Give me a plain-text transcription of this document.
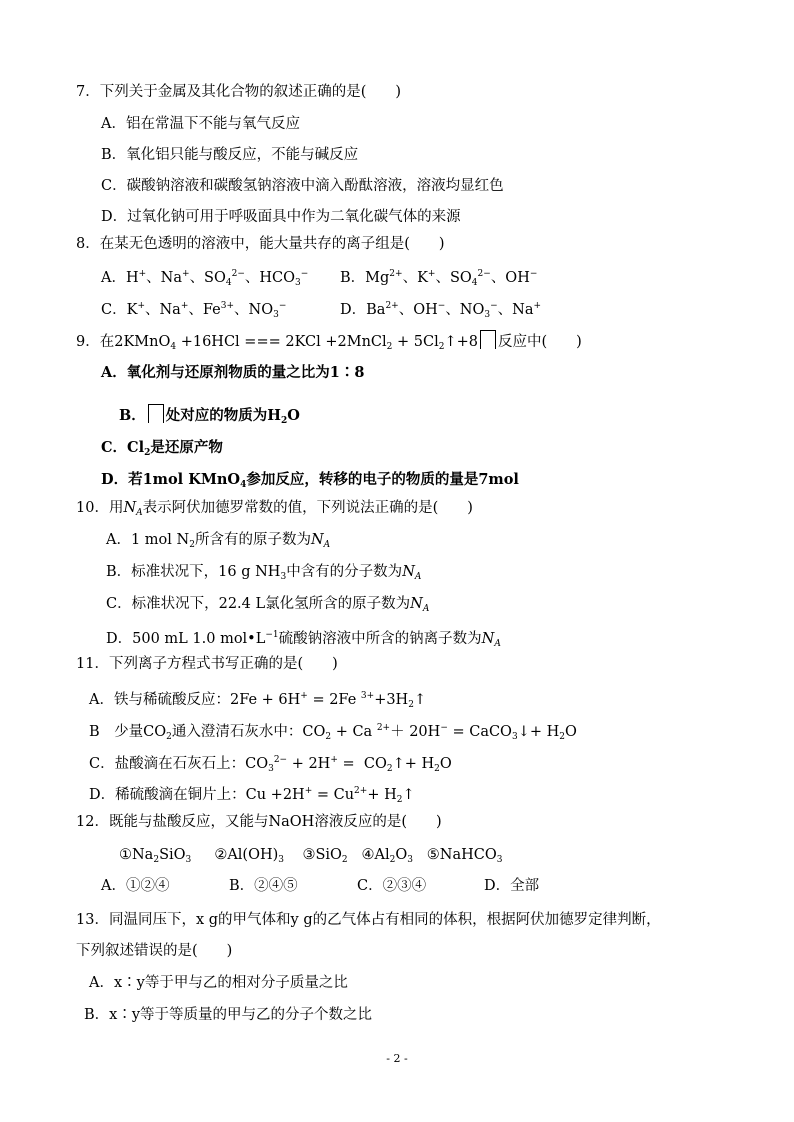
7．下列关于金属及其化合物的叙述正确的是(　　)
A．铝在常温下不能与氧气反应
B．氧化铝只能与酸反应，不能与碱反应
C．碳酸钠溶液和碳酸氢钠溶液中滴入酚酞溶液，溶液均显红色
D．过氧化钠可用于呼吸面具中作为二氧化碳气体的来源
8．在某无色透明的溶液中，能大量共存的离子组是(　　)
A．H+、Na+、$SO_4^{2-}$、$HCO_3^-$ B．$Mg^{2+}$、K+、$SO_4^{2-}$、OH−
C．K+、Na+、$Fe^{3+}$、$NO_3^-$	D．$Ba^{2+}$、OH−、$NO_3^-$、Na+
9．在2KMnO$_4$ +16HCl === 2KCl +2MnCl$_2$ + $5Cl_2↑+8$ 反应中(　　)
A．氧化剂与还原剂物质的量之比为1∶8
B． 处对应的物质为$H_2O$
C．$Cl_2$是还原产物
D．若1mol KMnO$_4$参加反应，转移的电子的物质的量是7mol
10．用$N_A$表示阿伏加德罗常数的值，下列说法正确的是(　　)
A．1 mol $N_2$所含有的原子数为$N_A$
B．标准状况下，16 g $NH_3$中含有的分子数为$N_A$
C．标准状况下，22.4 L氯化氢所含的原子数为$N_A$
D．500 mL 1.0 $mol•L^{-1}$硫酸钠溶液中所含的钠离子数为$N_A$
11．下列离子方程式书写正确的是(　　)
A．铁与稀硫酸反应：2Fe + 6H+ = 2Fe $^{3+}+3H_2↑$
B　少量$CO_2$通入澄清石灰水中：$CO_2 + Ca$ $^{2+}$＋ 20H− = CaCO$_3$↓+ $H_2O$
C．盐酸滴在石灰石上：$CO_3^{2-} + 2H^+$ =  $CO_2↑+ H_2O$
D．稀硫酸滴在铜片上：$Cu +2H^+ = Cu^{2+}+$ $H_2↑$
12．既能与盐酸反应，又能与NaOH溶液反应的是(　　)
$①Na_2SiO_3$     $②Al(OH)_3$    ③SiO$_2$   $④Al_2O_3$   ⑤NaHCO$_3$
A．①②④	B．②④⑤	C．②③④	D．全部
13．同温同压下，x g的甲气体和y g的乙气体占有相同的体积，根据阿伏加德罗定律判断，
下列叙述错误的是(　　)
A．x∶y等于甲与乙的相对分子质量之比
B．x∶y等于等质量的甲与乙的分子个数之比
- 2 -
